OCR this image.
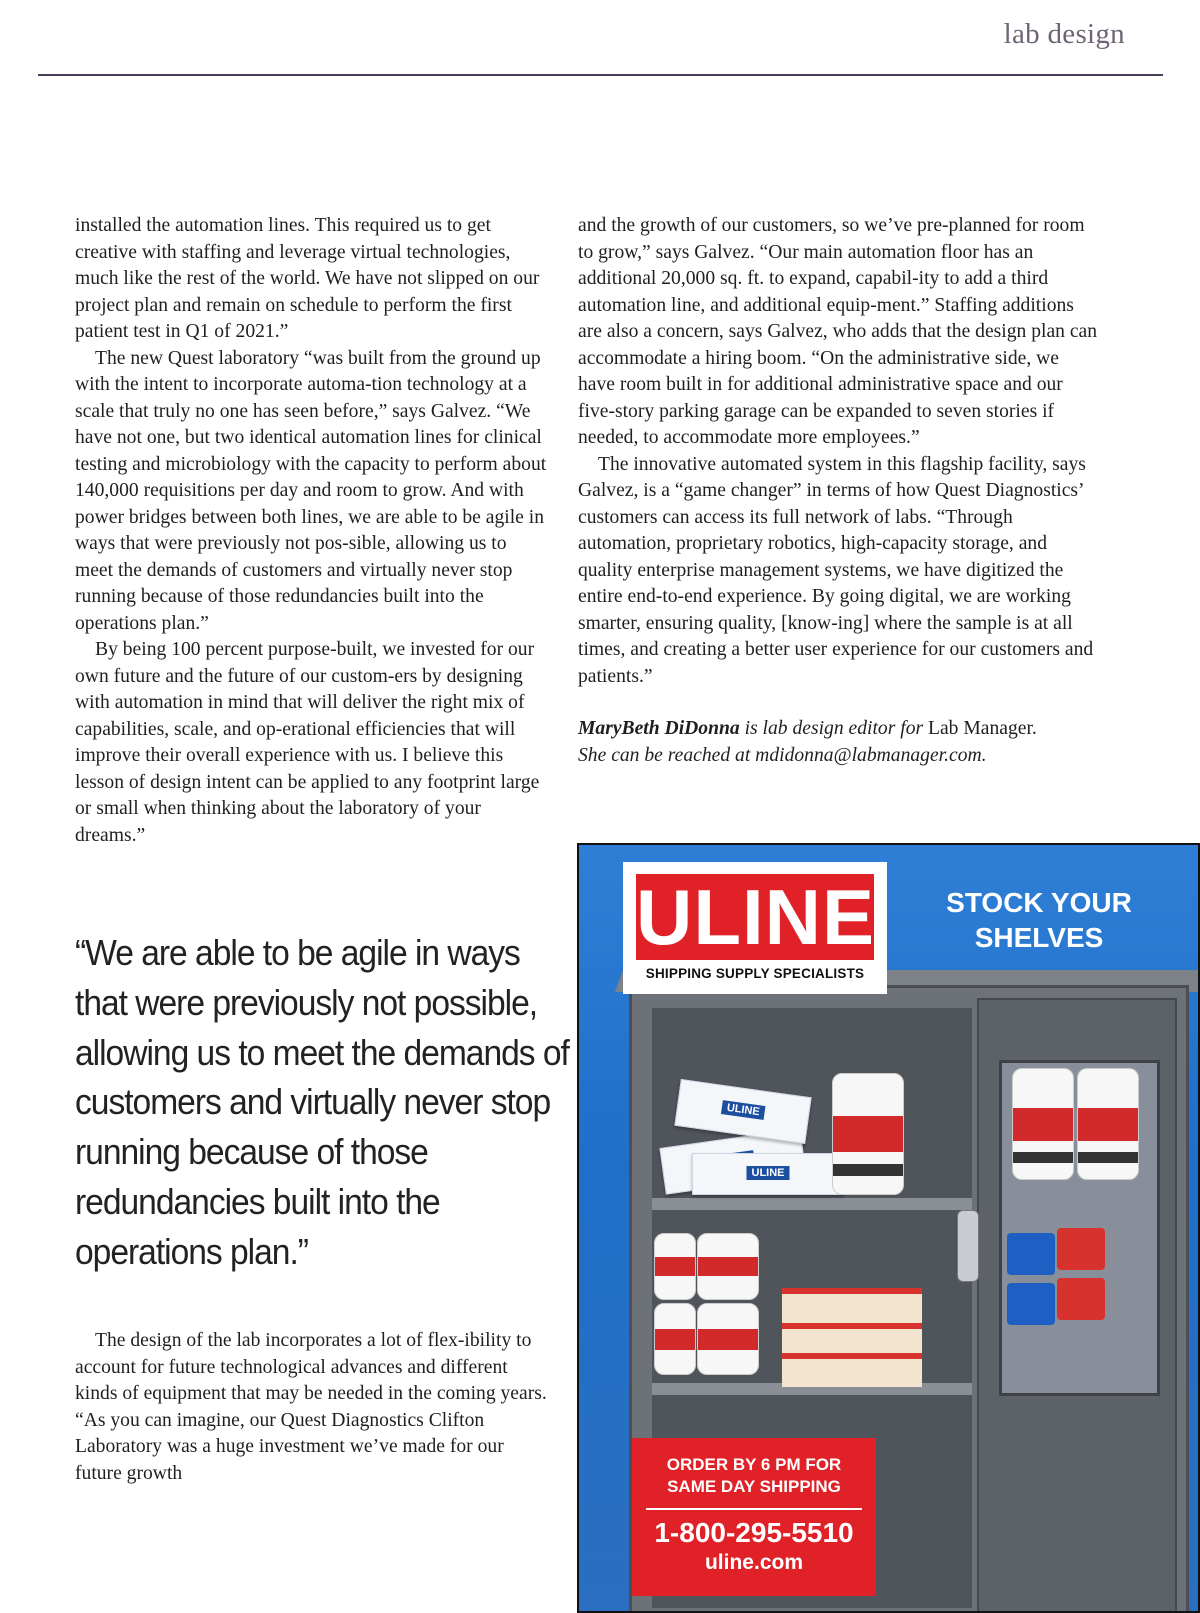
lab design

installed the automation lines. This required us to get creative with staffing and leverage virtual technologies, much like the rest of the world. We have not slipped on our project plan and remain on schedule to perform the first patient test in Q1 of 2021.”

The new Quest laboratory “was built from the ground up with the intent to incorporate automa-tion technology at a scale that truly no one has seen before,” says Galvez. “We have not one, but two identical automation lines for clinical testing and microbiology with the capacity to perform about 140,000 requisitions per day and room to grow. And with power bridges between both lines, we are able to be agile in ways that were previously not pos-sible, allowing us to meet the demands of customers and virtually never stop running because of those redundancies built into the operations plan.”

By being 100 percent purpose-built, we invested for our own future and the future of our custom-ers by designing with automation in mind that will deliver the right mix of capabilities, scale, and op-erational efficiencies that will improve their overall experience with us. I believe this lesson of design intent can be applied to any footprint large or small when thinking about the laboratory of your dreams.”

“We are able to be agile in ways that were previously not possible, allowing us to meet the demands of customers and virtually never stop running because of those redundancies built into the operations plan.”

The design of the lab incorporates a lot of flex-ibility to account for future technological advances and different kinds of equipment that may be needed in the coming years. “As you can imagine, our Quest Diagnostics Clifton Laboratory was a huge investment we’ve made for our future growth

and the growth of our customers, so we’ve pre-planned for room to grow,” says Galvez. “Our main automation floor has an additional 20,000 sq. ft. to expand, capabil-ity to add a third automation line, and additional equip-ment.” Staffing additions are also a concern, says Galvez, who adds that the design plan can accommodate a hiring boom. “On the administrative side, we have room built in for additional administrative space and our five-story parking garage can be expanded to seven stories if needed, to accommodate more employees.”

The innovative automated system in this flagship facility, says Galvez, is a “game changer” in terms of how Quest Diagnostics’ customers can access its full network of labs. “Through automation, proprietary robotics, high-capacity storage, and quality enterprise management systems, we have digitized the entire end-to-end experience. By going digital, we are working smarter, ensuring quality, [know-ing] where the sample is at all times, and creating a better user experience for our customers and patients.”

MaryBeth DiDonna is lab design editor for Lab Manager.
She can be reached at mdidonna@labmanager.com.

ULINE
ULINE
ULINE
SHIPPING SUPPLY SPECIALISTS
STOCK YOUR
SHELVES
ORDER BY 6 PM FOR
SAME DAY SHIPPING
1-800-295-5510
uline.com
